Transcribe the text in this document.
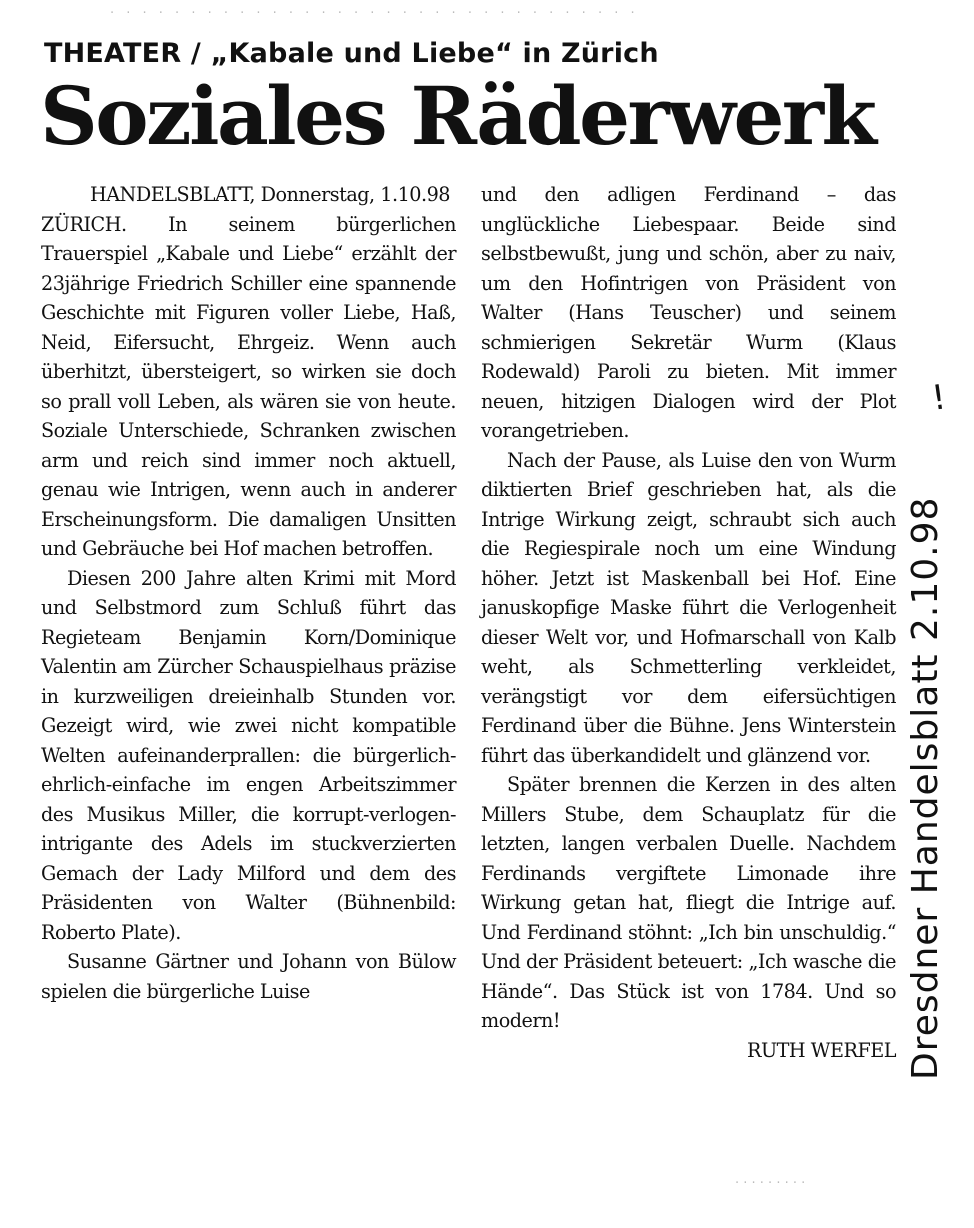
THEATER / „Kabale und Liebe“ in Zürich
Soziales Räderwerk
HANDELSBLATT, Donnerstag, 1.10.98

ZÜRICH. In seinem bürgerlichen Trauerspiel „Kabale und Liebe“ erzählt der 23jährige Friedrich Schiller eine spannende Geschichte mit Figuren voller Liebe, Haß, Neid, Eifersucht, Ehrgeiz. Wenn auch überhitzt, übersteigert, so wirken sie doch so prall voll Leben, als wären sie von heute. Soziale Unterschiede, Schranken zwischen arm und reich sind immer noch aktuell, genau wie Intrigen, wenn auch in anderer Erscheinungsform. Die damaligen Unsitten und Gebräuche bei Hof machen betroffen.

Diesen 200 Jahre alten Krimi mit Mord und Selbstmord zum Schluß führt das Regieteam Benjamin Korn/Dominique Valentin am Zürcher Schauspielhaus präzise in kurzweiligen dreieinhalb Stunden vor. Gezeigt wird, wie zwei nicht kompatible Welten aufeinanderprallen: die bürgerlich-ehrlich-einfache im engen Arbeitszimmer des Musikus Miller, die korrupt-verlogen-intrigante des Adels im stuckverzierten Gemach der Lady Milford und dem des Präsidenten von Walter (Bühnenbild: Roberto Plate).

Susanne Gärtner und Johann von Bülow spielen die bürgerliche Luise

und den adligen Ferdinand – das unglückliche Liebespaar. Beide sind selbstbewußt, jung und schön, aber zu naiv, um den Hofintrigen von Präsident von Walter (Hans Teuscher) und seinem schmierigen Sekretär Wurm (Klaus Rodewald) Paroli zu bieten. Mit immer neuen, hitzigen Dialogen wird der Plot vorangetrieben.

Nach der Pause, als Luise den von Wurm diktierten Brief geschrieben hat, als die Intrige Wirkung zeigt, schraubt sich auch die Regiespirale noch um eine Windung höher. Jetzt ist Maskenball bei Hof. Eine januskopfige Maske führt die Verlogenheit dieser Welt vor, und Hofmarschall von Kalb weht, als Schmetterling verkleidet, verängstigt vor dem eifersüchtigen Ferdinand über die Bühne. Jens Winterstein führt das überkandidelt und glänzend vor.

Später brennen die Kerzen in des alten Millers Stube, dem Schauplatz für die letzten, langen verbalen Duelle. Nachdem Ferdinands vergiftete Limonade ihre Wirkung getan hat, fliegt die Intrige auf. Und Ferdinand stöhnt: „Ich bin unschuldig.“ Und der Präsident beteuert: „Ich wasche die Hände“. Das Stück ist von 1784. Und so modern!

RUTH WERFEL Dresdner Handelsblatt 2.10.98
!
· · · · · · · · · · · · · · · · · · · · · · · · · · · · · · · · ·
· · · · · · · · ·
